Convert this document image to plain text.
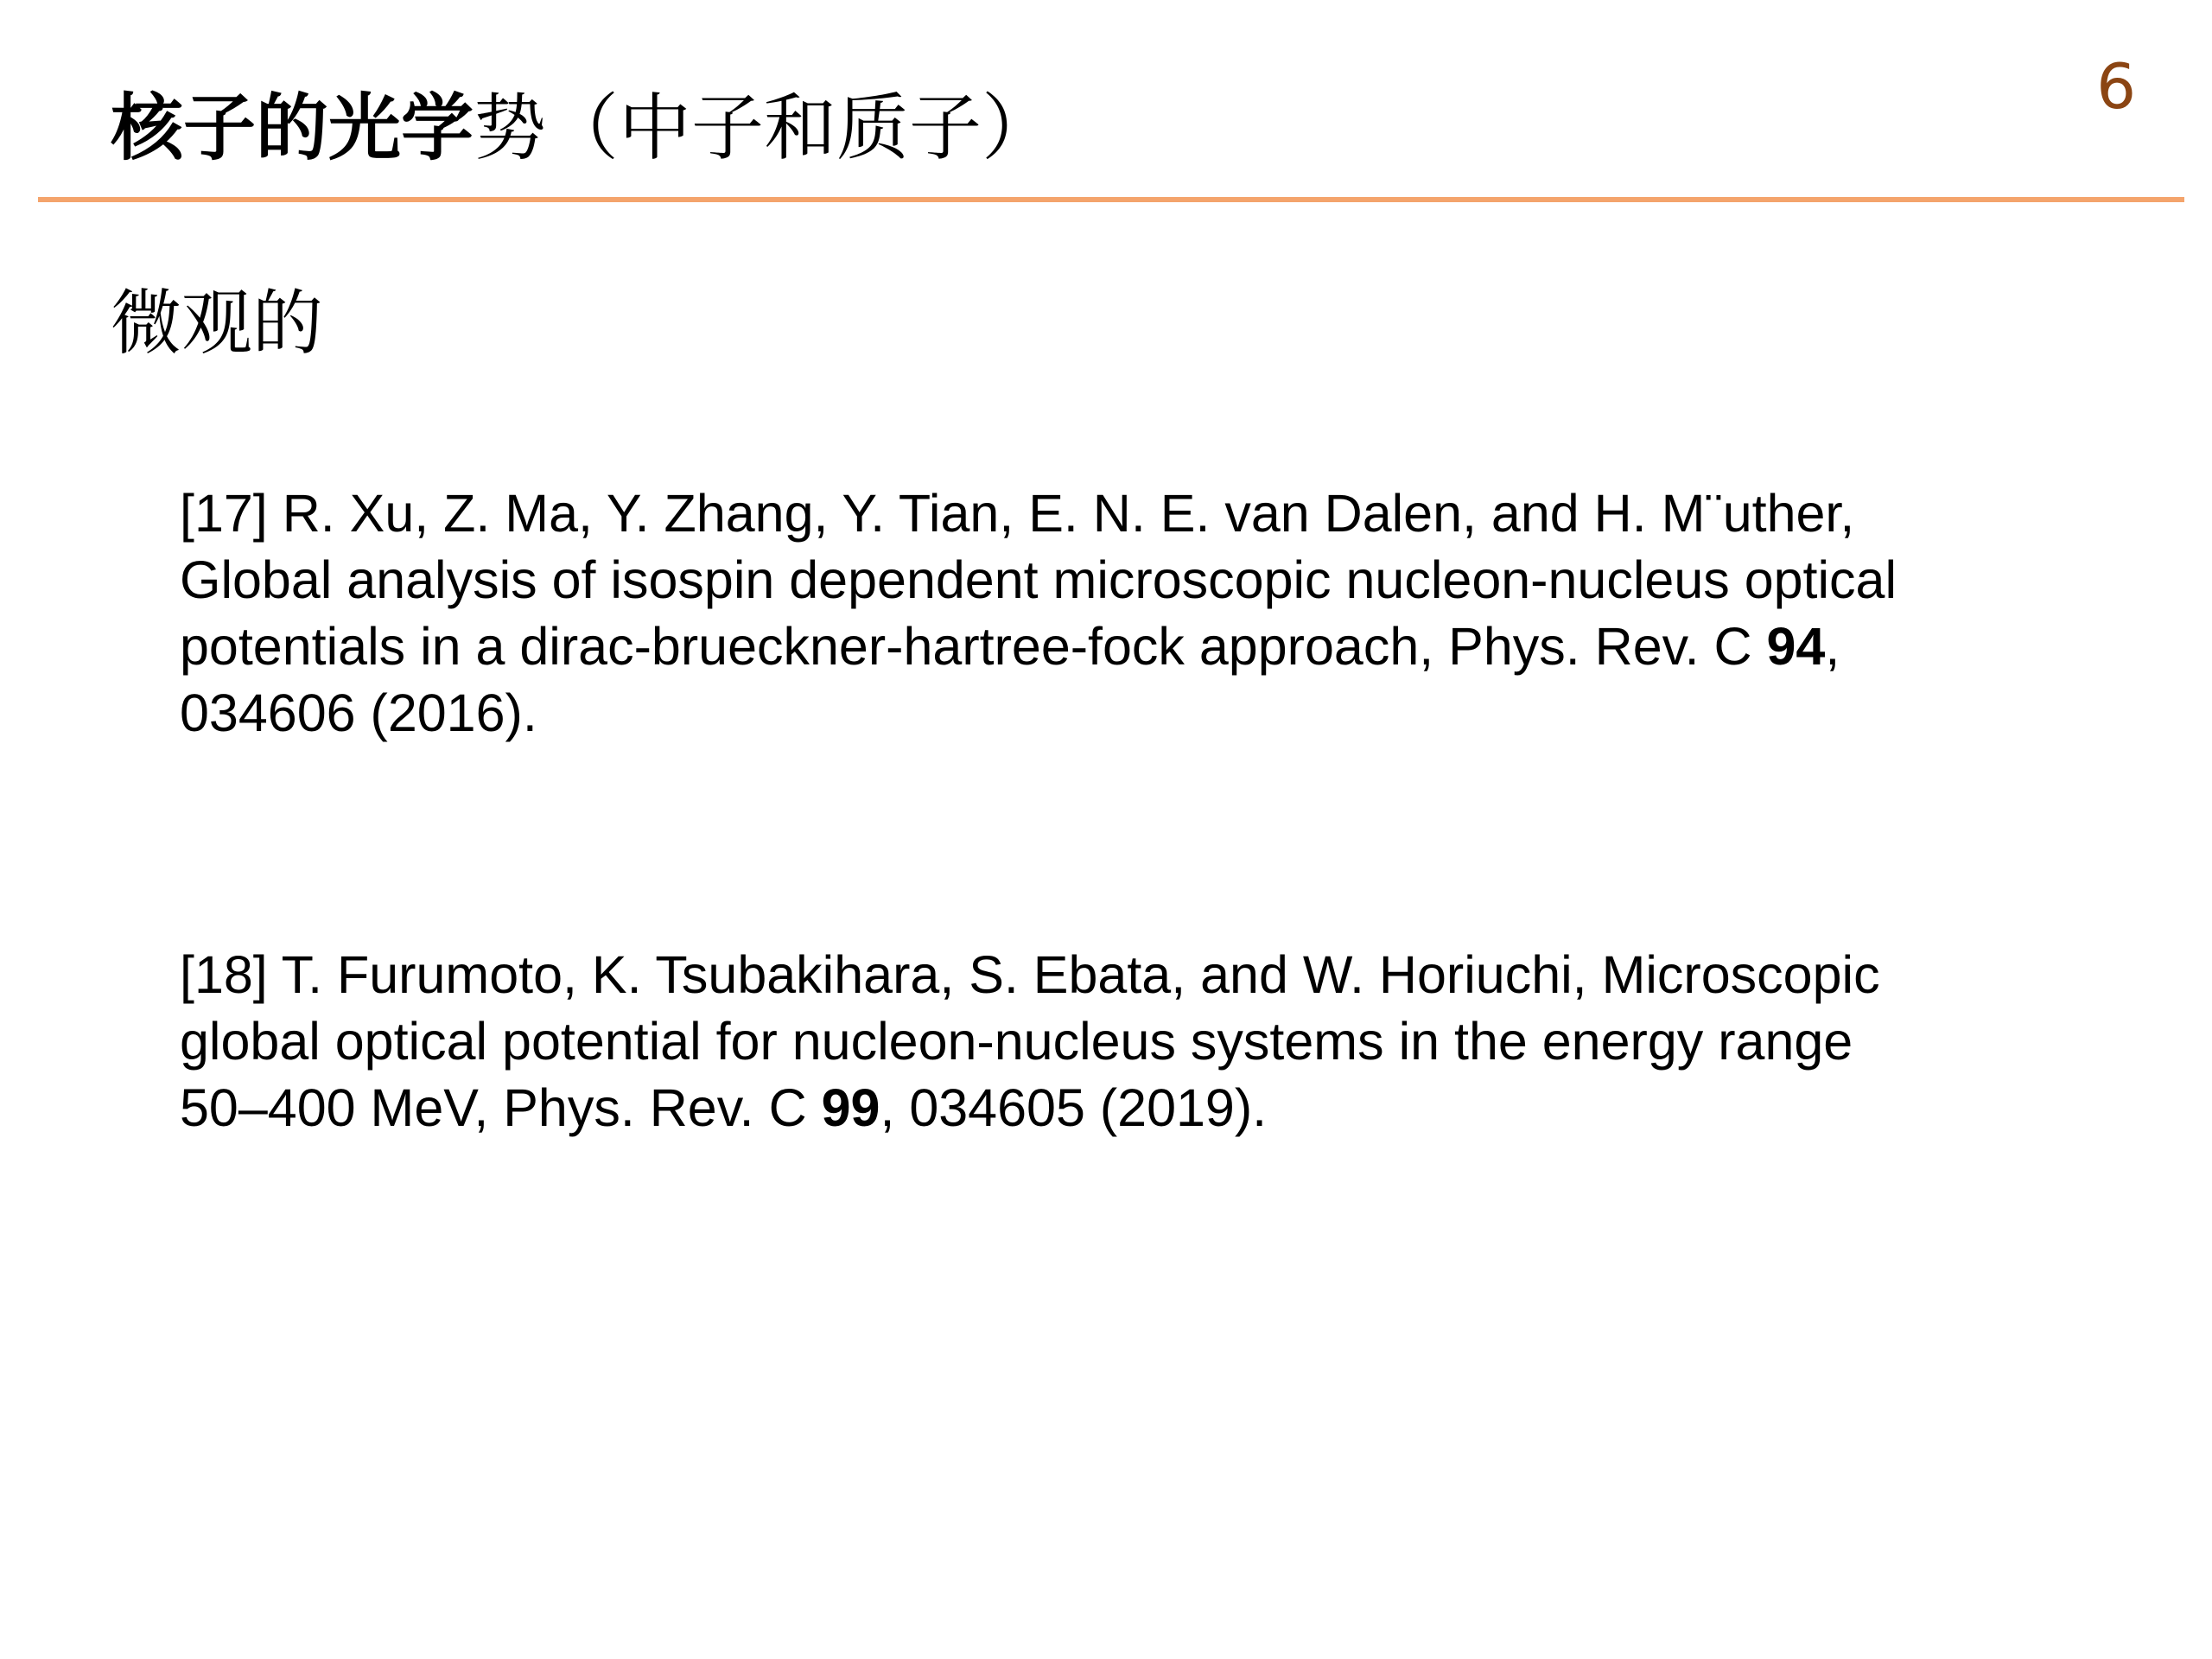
核子的光学势（中子和质子）	6
微观的
[17] R. Xu, Z. Ma, Y. Zhang, Y. Tian, E. N. E. van Dalen, and H. M¨uther,
Global analysis of isospin dependent microscopic nucleon-nucleus optical
potentials in a dirac-brueckner-hartree-fock approach, Phys. Rev. C 94,
034606 (2016).
[18] T. Furumoto, K. Tsubakihara, S. Ebata, and W. Horiuchi, Microscopic
global optical potential for nucleon-nucleus systems in the energy range
50–400 MeV, Phys. Rev. C 99, 034605 (2019).
